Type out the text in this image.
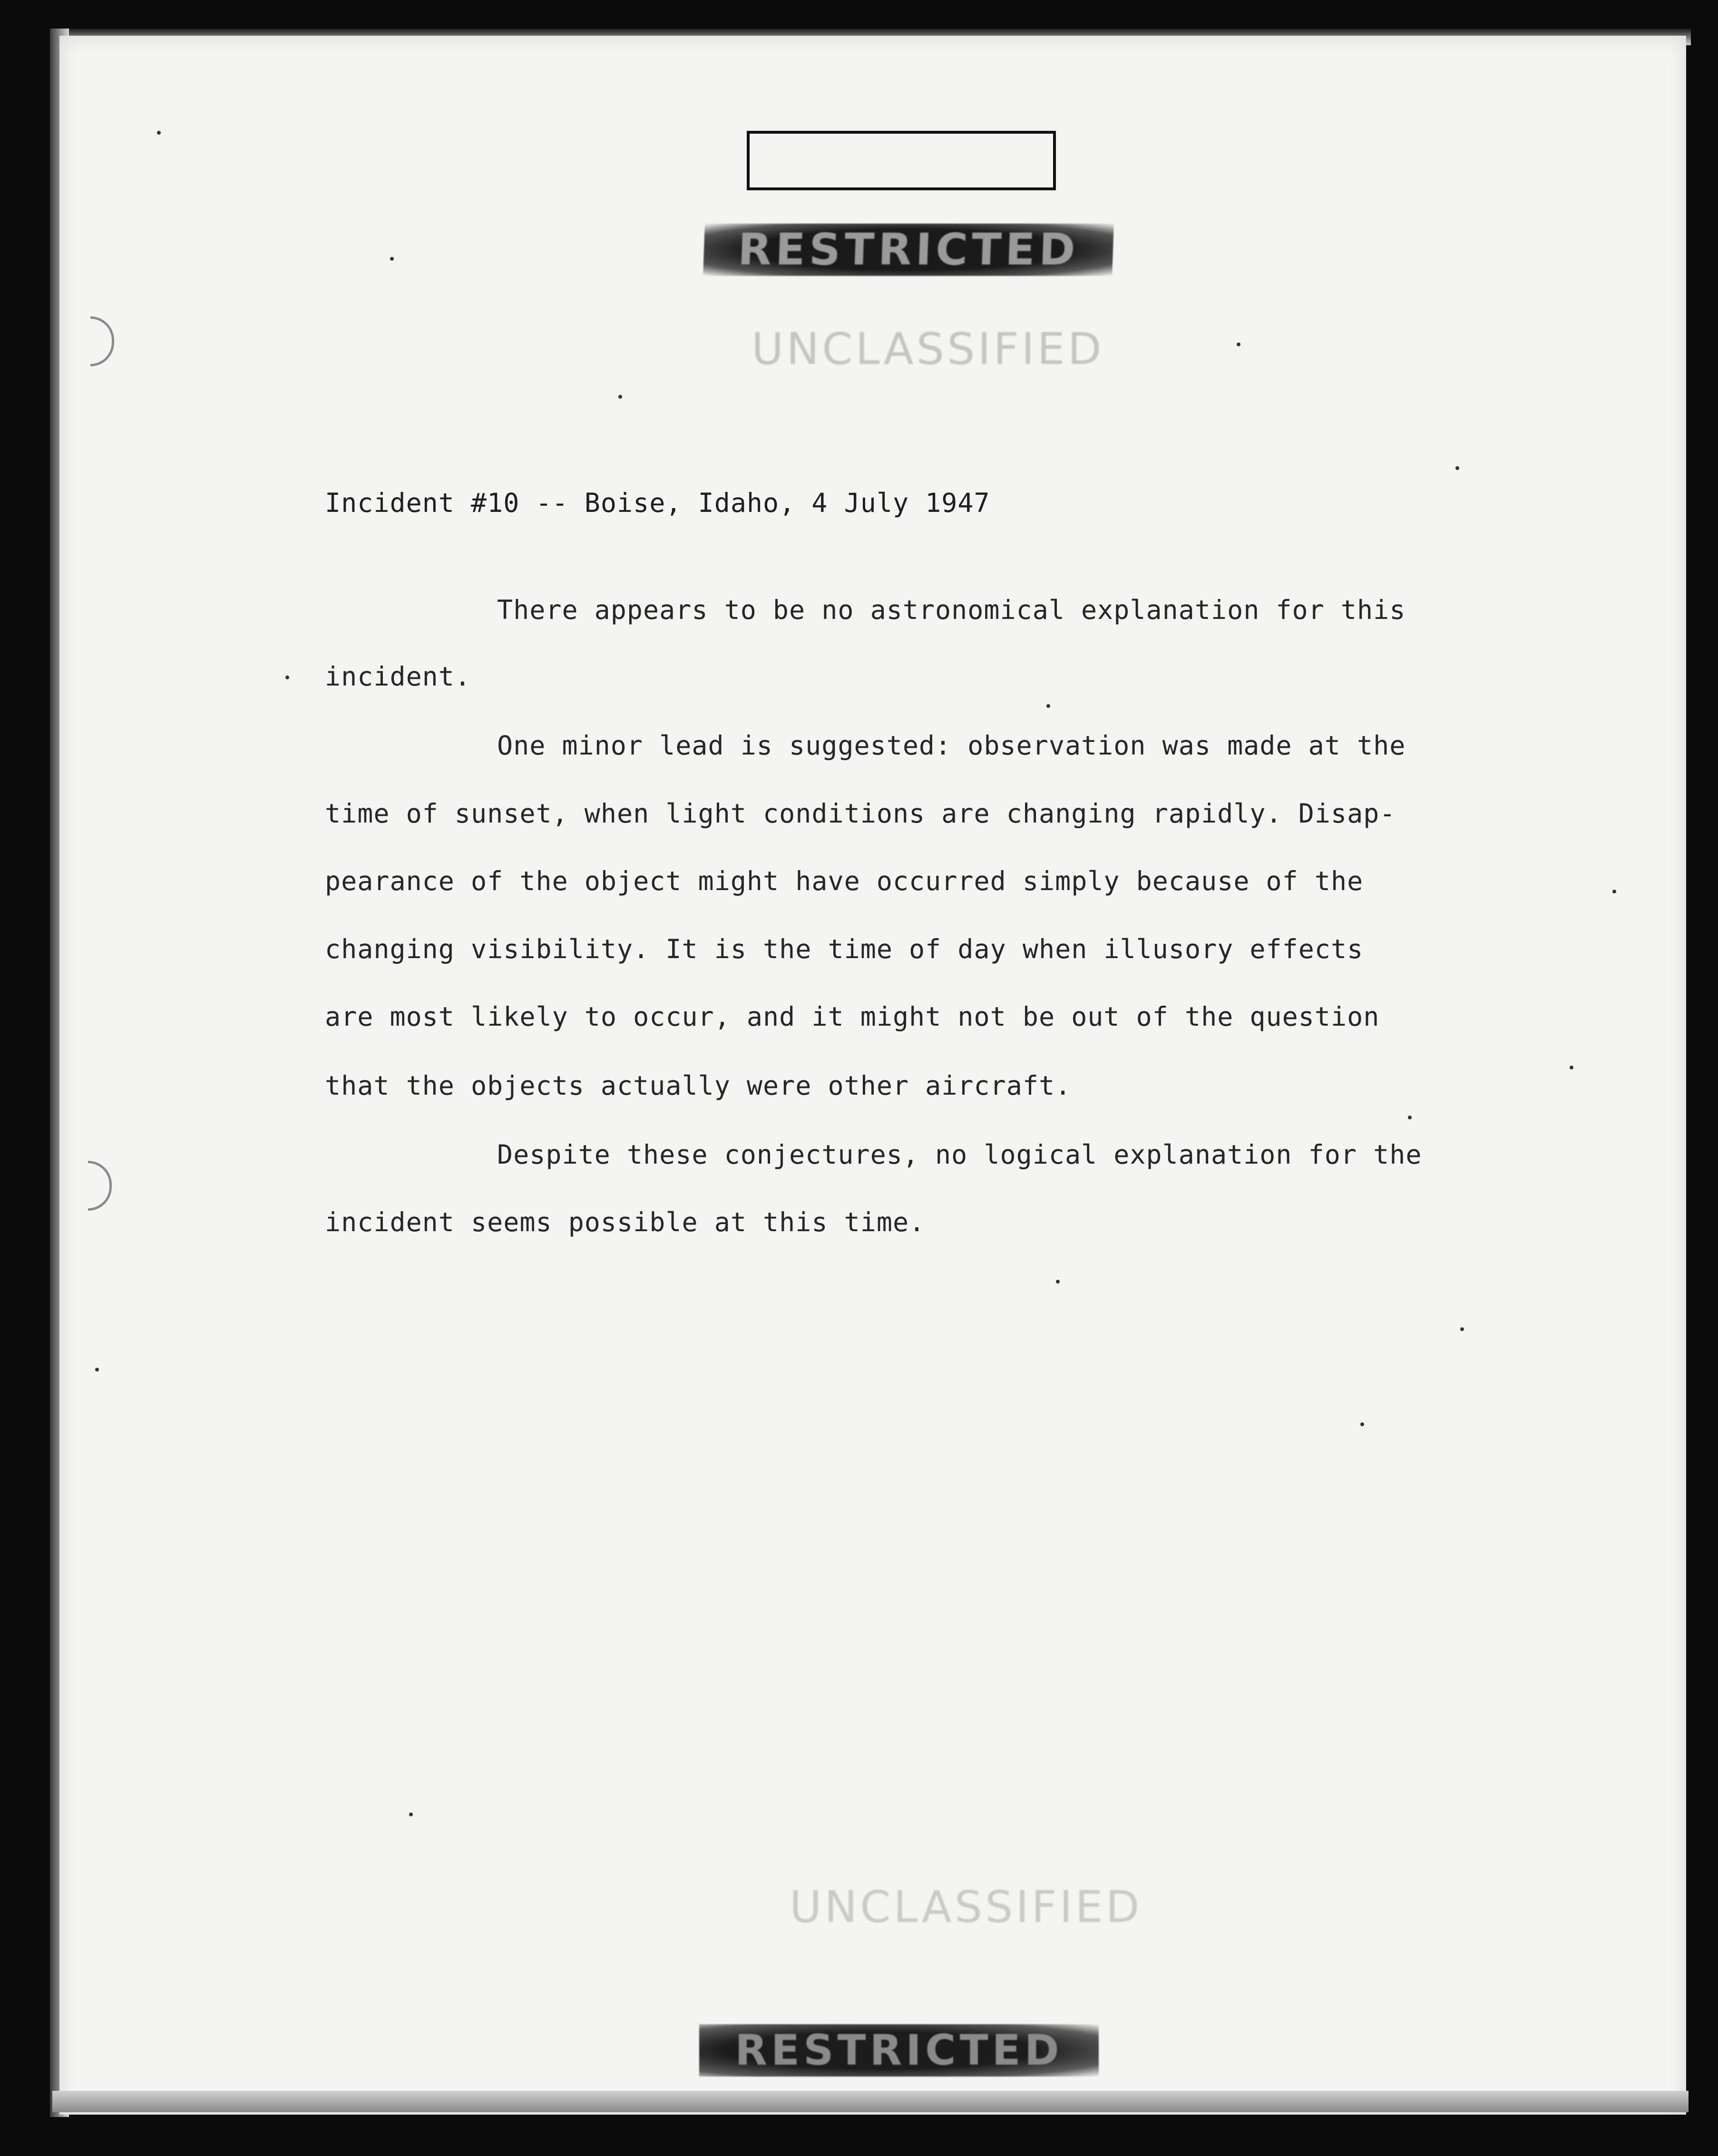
RESTRICTED
UNCLASSIFIED
Incident #10 -- Boise, Idaho, 4 July 1947
There appears to be no astronomical explanation for this
incident.
One minor lead is suggested: observation was made at the
time of sunset, when light conditions are changing rapidly. Disap-
pearance of the object might have occurred simply because of the
changing visibility. It is the time of day when illusory effects
are most likely to occur, and it might not be out of the question
that the objects actually were other aircraft.
Despite these conjectures, no logical explanation for the
incident seems possible at this time.
UNCLASSIFIED
RESTRICTED
